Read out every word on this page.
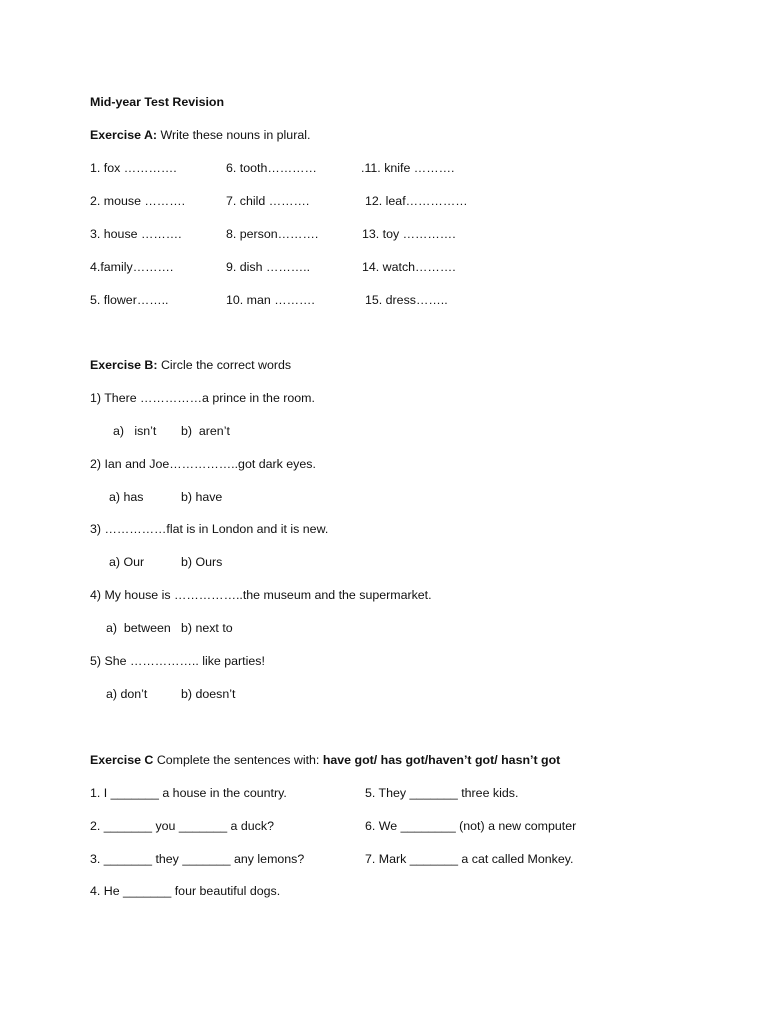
Mid-year Test Revision
Exercise A: Write these nouns in plural.
1. fox ………….	6. tooth…………	.11. knife ……….
2. mouse ……….	7. child ……….	12. leaf……………
3. house ……….	8. person……….	13. toy ………….
4.family……….	9. dish ………..	14. watch……….
5. flower……..	10. man ……….	15. dress……..
Exercise B: Circle the correct words
1) There ……………a prince in the room.
a)   isn’t b)  aren’t
2) Ian and Joe……………..got dark eyes.
a) has	b) have
3) ……………flat is in London and it is new.
a) Our	b) Ours
4) My house is ……………..the museum and the supermarket.
a)  between b) next to
5) She …………….. like parties!
a) don’t	b) doesn’t
Exercise C Complete the sentences with: have got/ has got/haven’t got/ hasn’t got
1. I _______ a house in the country.	5. They _______ three kids.
2. _______ you _______ a duck?	6. We ________ (not) a new computer
3. _______ they _______ any lemons?	7. Mark _______ a cat called Monkey.
4. He _______ four beautiful dogs.
